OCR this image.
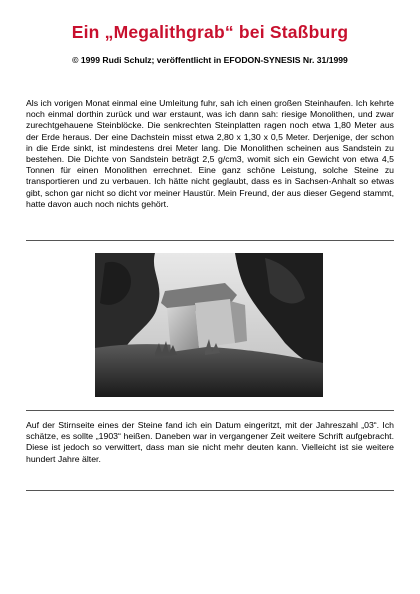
Ein „Megalithgrab“ bei Staßburg
© 1999 Rudi Schulz; veröffentlicht in EFODON-SYNESIS Nr. 31/1999
Als ich vorigen Monat einmal eine Umleitung fuhr, sah ich einen großen Steinhaufen. Ich kehrte noch einmal dorthin zurück und war erstaunt, was ich dann sah: riesige Monolithen, und zwar zurechtgehauene Steinblöcke. Die senkrechten Steinplatten ragen noch etwa 1,80 Meter aus der Erde heraus. Der eine Dachstein misst etwa 2,80 x 1,30 x 0,5 Meter. Derjenige, der schon in die Erde sinkt, ist mindestens drei Meter lang. Die Monolithen scheinen aus Sandstein zu bestehen. Die Dichte von Sandstein beträgt 2,5 g/cm3, womit sich ein Gewicht von etwa 4,5 Tonnen für einen Monolithen errechnet. Eine ganz schöne Leistung, solche Steine zu transportieren und zu verbauen. Ich hätte nicht geglaubt, dass es in Sachsen-Anhalt so etwas gibt, schon gar nicht so dicht vor meiner Haustür. Mein Freund, der aus dieser Gegend stammt, hatte davon auch noch nichts gehört.
Auf der Stirnseite eines der Steine fand ich ein Datum eingeritzt, mit der Jahreszahl „03“. Ich schätze, es sollte „1903“ heißen. Daneben war in vergangener Zeit weitere Schrift aufgebracht. Diese ist jedoch so verwittert, dass man sie nicht mehr deuten kann. Vielleicht ist sie weitere hundert Jahre älter.
